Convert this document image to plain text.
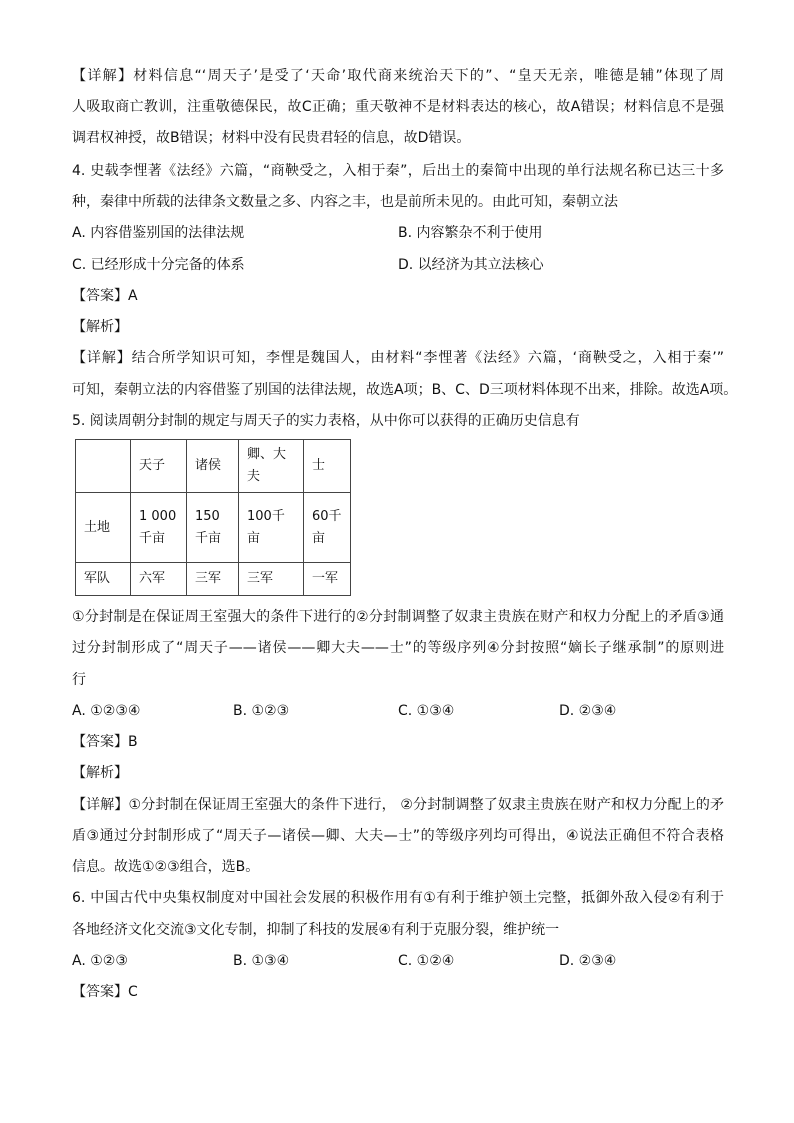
【详解】材料信息“‘周天子’是受了‘天命’取代商来统治天下的”、“皇天无亲，唯德是辅”体现了周
人吸取商亡教训，注重敬德保民，故C正确；重天敬神不是材料表达的核心，故A错误；材料信息不是强
调君权神授，故B错误；材料中没有民贵君轻的信息，故D错误。
4. 史载李悝著《法经》六篇，“商鞅受之，入相于秦”，后出土的秦简中出现的单行法规名称已达三十多
种，秦律中所载的法律条文数量之多、内容之丰，也是前所未见的。由此可知，秦朝立法
A. 内容借鉴别国的法律法规	B. 内容繁杂不利于使用
C. 已经形成十分完备的体系	D. 以经济为其立法核心
【答案】A
【解析】
【详解】结合所学知识可知，李悝是魏国人，由材料“李悝著《法经》六篇，‘商鞅受之，入相于秦’”
可知，秦朝立法的内容借鉴了别国的法律法规，故选A项；B、C、D三项材料体现不出来，排除。故选A项。
5. 阅读周朝分封制的规定与周天子的实力表格，从中你可以获得的正确历史信息有
	天子	诸侯	卿、大夫	士
土地	1 000千亩	150千亩	100千亩	60千亩
军队	六军	三军	三军	一军
①分封制是在保证周王室强大的条件下进行的②分封制调整了奴隶主贵族在财产和权力分配上的矛盾③通
过分封制形成了“周天子——诸侯——卿大夫——士”的等级序列④分封按照“嫡长子继承制”的原则进
行
A. ①②③④	B. ①②③	C. ①③④	D. ②③④
【答案】B
【解析】
【详解】①分封制在保证周王室强大的条件下进行， ②分封制调整了奴隶主贵族在财产和权力分配上的矛
盾③通过分封制形成了“周天子—诸侯—卿、大夫—士”的等级序列均可得出，④说法正确但不符合表格
信息。故选①②③组合，选B。
6. 中国古代中央集权制度对中国社会发展的积极作用有①有利于维护领土完整，抵御外敌入侵②有利于
各地经济文化交流③文化专制，抑制了科技的发展④有利于克服分裂，维护统一
A. ①②③	B. ①③④	C. ①②④	D. ②③④
【答案】C
